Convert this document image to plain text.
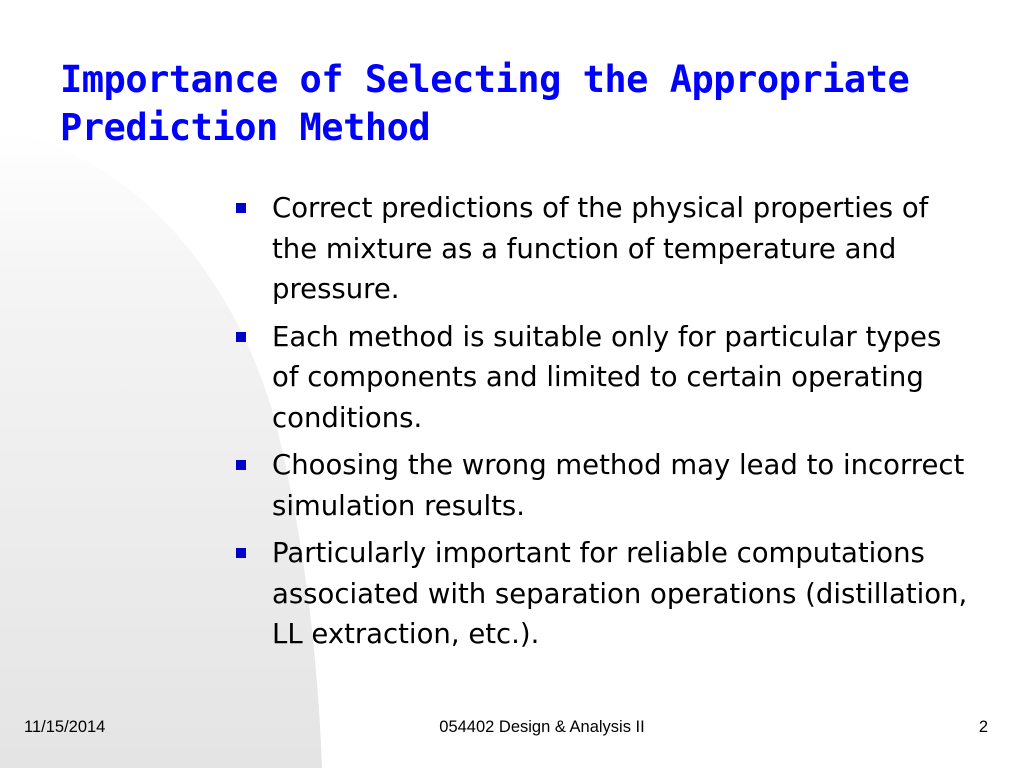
Importance of Selecting the Appropriate Prediction Method
Correct predictions of the physical properties of the mixture as a function of temperature and pressure.
Each method is suitable only for particular types of components and limited to certain operating conditions.
Choosing the wrong method may lead to incorrect simulation results.
Particularly important for reliable computations associated with separation operations (distillation, LL extraction, etc.).
11/15/2014	054402 Design & Analysis II	2
